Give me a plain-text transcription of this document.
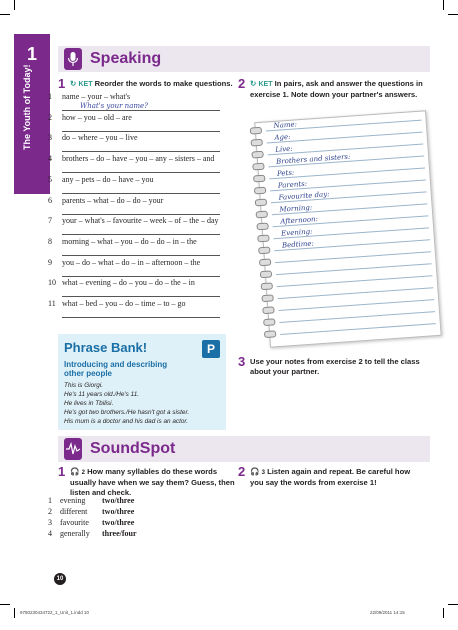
1
The Youth of Today!
Speaking
1 ↻ KET Reorder the words to make questions.
1 name – your – what's
What's your name?
2 how – you – old – are
3 do – where – you – live
4 brothers – do – have – you – any – sisters – and
5 any – pets – do – have – you
6 parents – what – do – do – your
7 your – what's – favourite – week – of – the – day
8 morning – what – you – do – do – in – the
9 you – do – what – do – in – afternoon – the
10 what – evening – do – you – do – the – in
11 what – bed – you – do – time – to – go
2 ↻ KET In pairs, ask and answer the questions in
exercise 1. Note down your partner's answers.
Name:
Age:
Live:
Brothers and sisters:
Pets:
Parents:
Favourite day:
Morning:
Afternoon:
Evening:
Bedtime:
Phrase Bank!	P
Introducing and describing
other people
This is Giorgi.
He's 11 years old./He's 11.
He lives in Tbilisi.
He's got two brothers./He hasn't got a sister.
His mum is a doctor and his dad is an actor.
3 Use your notes from exercise 2 to tell the class
about your partner.
SoundSpot
1 🎧 2 How many syllables do these words
usually have when we say them? Guess, then
listen and check.
1 evening two/three
2 different two/three
3 favourite two/three
4 generally three/four
2 🎧 3 Listen again and repeat. Be careful how
you say the words from exercise 1!
10
9780230434722_1_Unit_1.indd 10	22/09/2011 14:15
